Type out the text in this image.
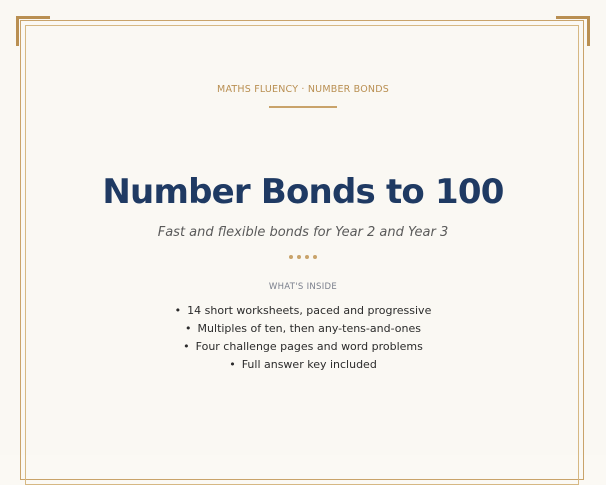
MATHS FLUENCY · NUMBER BONDS
Number Bonds to 100
Fast and flexible bonds for Year 2 and Year 3

WHAT'S INSIDE
• 14 short worksheets, paced and progressive
• Multiples of ten, then any-tens-and-ones
• Four challenge pages and word problems
• Full answer key included
